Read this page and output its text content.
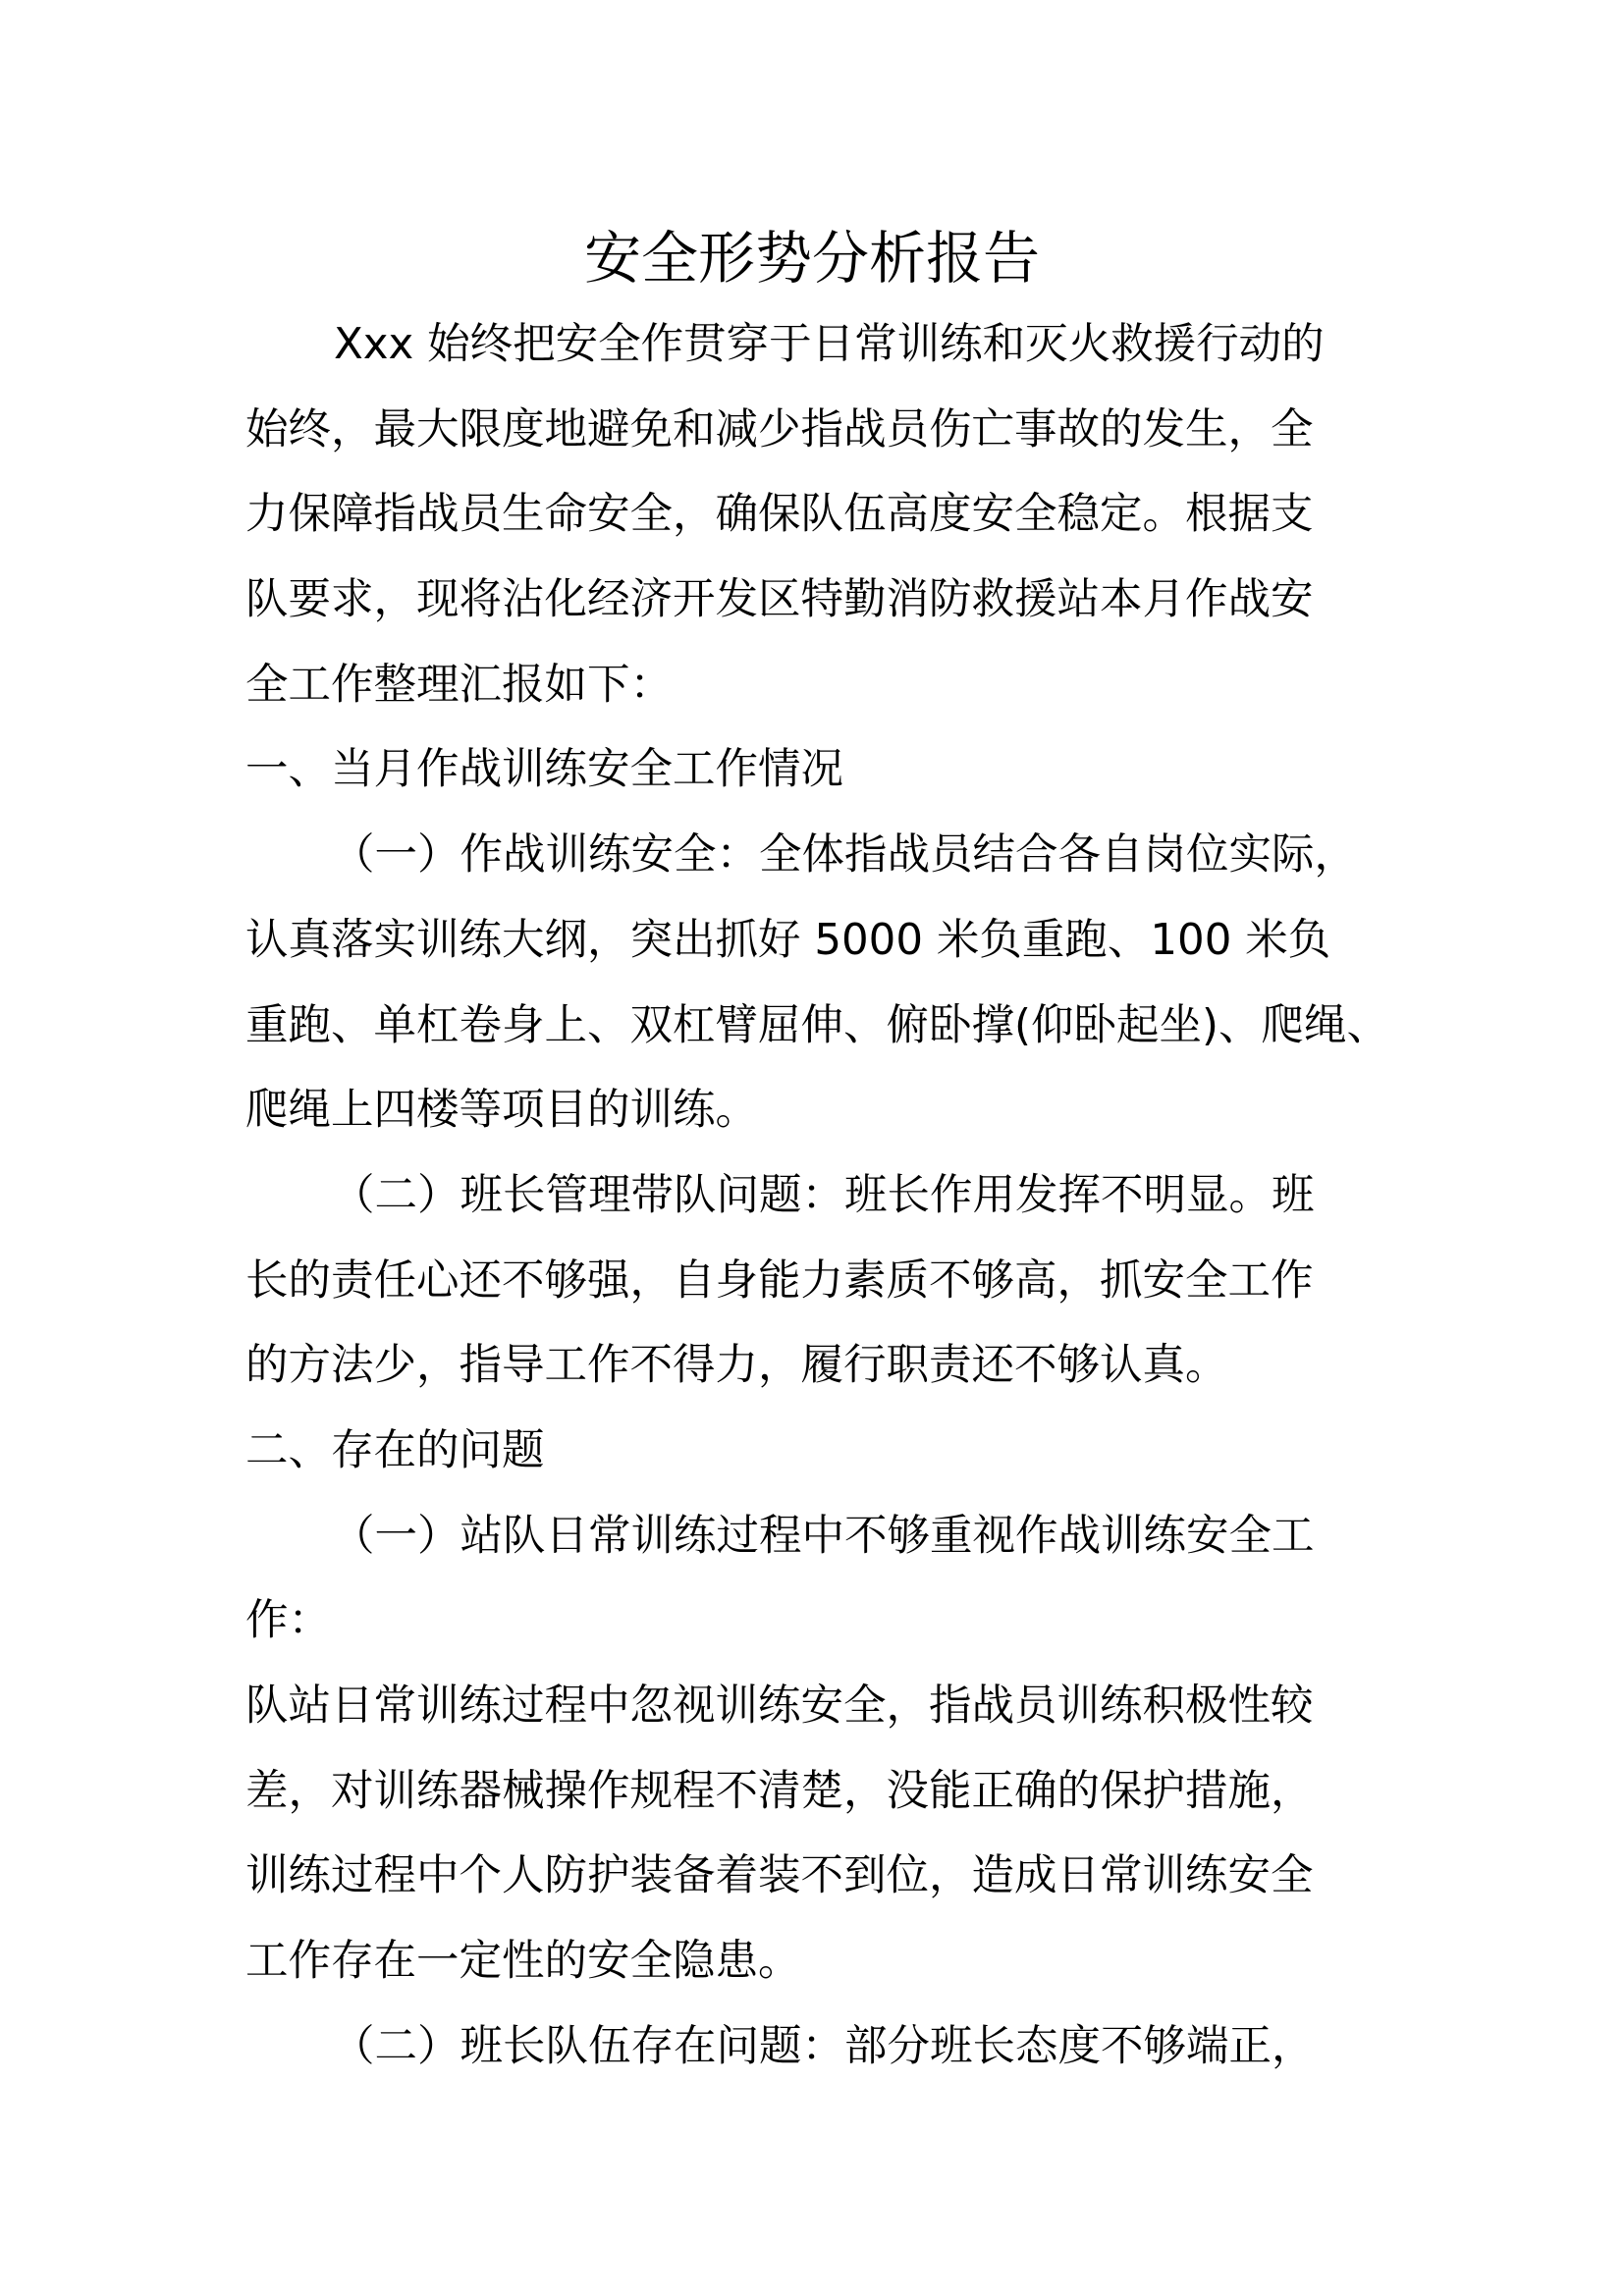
安全形势分析报告
Xxx 始终把安全作贯穿于日常训练和灭火救援行动的
始终，最大限度地避免和减少指战员伤亡事故的发生，全
力保障指战员生命安全，确保队伍高度安全稳定。根据支
队要求，现将沾化经济开发区特勤消防救援站本月作战安
全工作整理汇报如下：
一、当月作战训练安全工作情况
（一）作战训练安全：全体指战员结合各自岗位实际，
认真落实训练大纲，突出抓好 5000 米负重跑、100 米负
重跑、单杠卷身上、双杠臂屈伸、俯卧撑(仰卧起坐)、爬绳、
爬绳上四楼等项目的训练。
（二）班长管理带队问题：班长作用发挥不明显。班
长的责任心还不够强，自身能力素质不够高，抓安全工作
的方法少，指导工作不得力，履行职责还不够认真。
二、存在的问题
（一）站队日常训练过程中不够重视作战训练安全工
作：
队站日常训练过程中忽视训练安全，指战员训练积极性较
差，对训练器械操作规程不清楚，没能正确的保护措施，
训练过程中个人防护装备着装不到位，造成日常训练安全
工作存在一定性的安全隐患。
（二）班长队伍存在问题：部分班长态度不够端正，
